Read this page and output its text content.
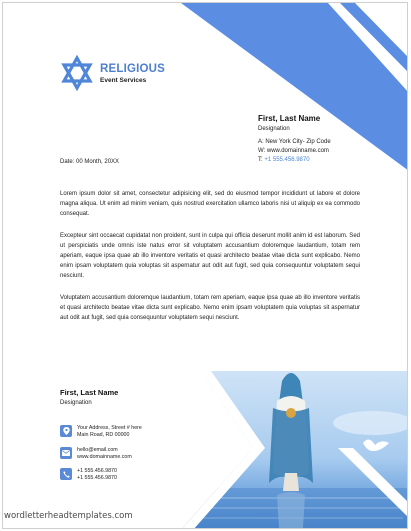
RELIGIOUS
Event Services
First, Last Name
Designation
A: New York City- Zip Code
W: www.domainname.com
T: +1 555.456.9870
Date: 00 Month, 20XX

Lorem ipsum dolor sit amet, consectetur adipisicing elit, sed do eiusmod tempor incididunt ut labore et dolore magna aliqua. Ut enim ad minim veniam, quis nostrud exercitation ullamco laboris nisi ut aliquip ex ea commodo consequat.

Excepteur sint occaecat cupidatat non proident, sunt in culpa qui officia deserunt mollit anim id est laborum. Sed ut perspiciatis unde omnis iste natus error sit voluptatem accusantium doloremque laudantium, totam rem aperiam, eaque ipsa quae ab illo inventore veritatis et quasi architecto beatae vitae dicta sunt explicabo. Nemo enim ipsam voluptatem quia voluptas sit aspernatur aut odit aut fugit, sed quia consequuntur voluptatem sequi nesciunt.

Voluptatem accusantium doloremque laudantium, totam rem aperiam, eaque ipsa quae ab illo inventore veritatis et quasi architecto beatae vitae dicta sunt explicabo. Nemo enim ipsam voluptatem quia voluptas sit aspernatur aut odit aut fugit, sed quia consequuntur voluptatem sequi nesciunt.

First, Last Name
Designation
Your Address, Street # here
Main Road, RD 00000
hello@email.com
www.domainname.com
+1 555.456.9870
+1 555.456.9870
wordletterheadtemplates.com
